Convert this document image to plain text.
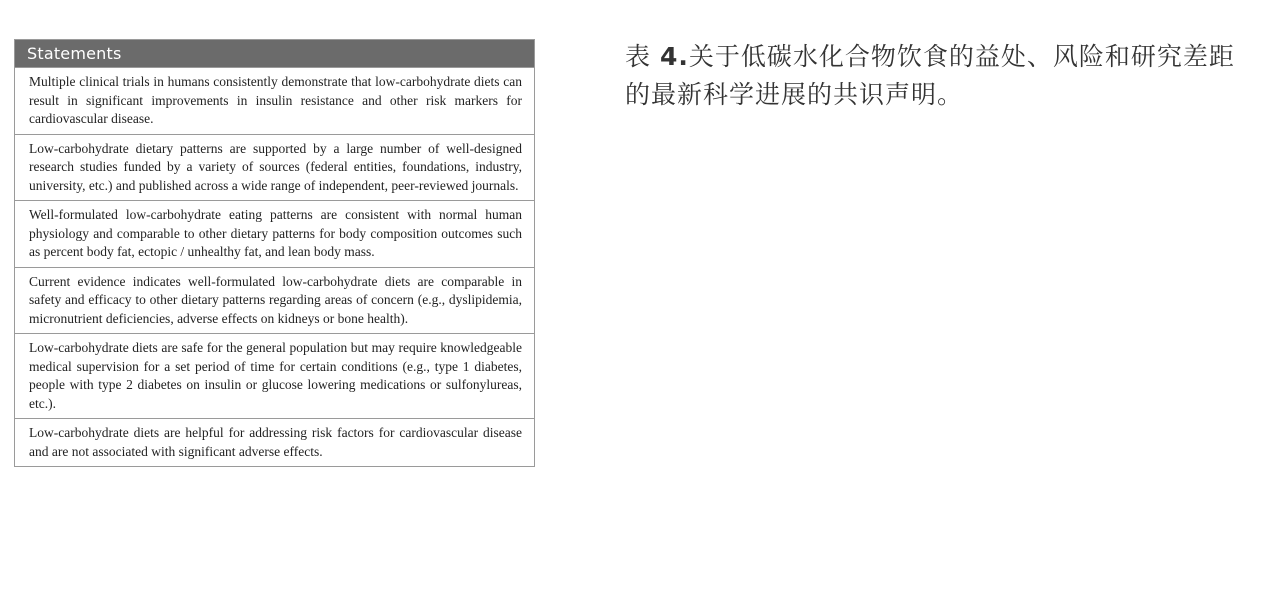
Statements
Multiple clinical trials in humans consistently demonstrate that low-carbohydrate diets can result in significant improvements in insulin resistance and other risk markers for cardiovascular disease.
Low-carbohydrate dietary patterns are supported by a large number of well-designed research studies funded by a variety of sources (federal entities, foundations, industry, university, etc.) and published across a wide range of independent, peer-reviewed journals.
Well-formulated low-carbohydrate eating patterns are consistent with normal human physiology and comparable to other dietary patterns for body composition outcomes such as percent body fat, ectopic / unhealthy fat, and lean body mass.
Current evidence indicates well-formulated low-carbohydrate diets are comparable in safety and efficacy to other dietary patterns regarding areas of concern (e.g., dyslipidemia, micronutrient deficiencies, adverse effects on kidneys or bone health).
Low-carbohydrate diets are safe for the general population but may require knowledgeable medical supervision for a set period of time for certain conditions (e.g., type 1 diabetes, people with type 2 diabetes on insulin or glucose lowering medications or sulfonylureas, etc.).
Low-carbohydrate diets are helpful for addressing risk factors for cardiovascular disease and are not associated with significant adverse effects.
表 4.关于低碳水化合物饮食的益处、风险和研究差距的最新科学进展的共识声明。
